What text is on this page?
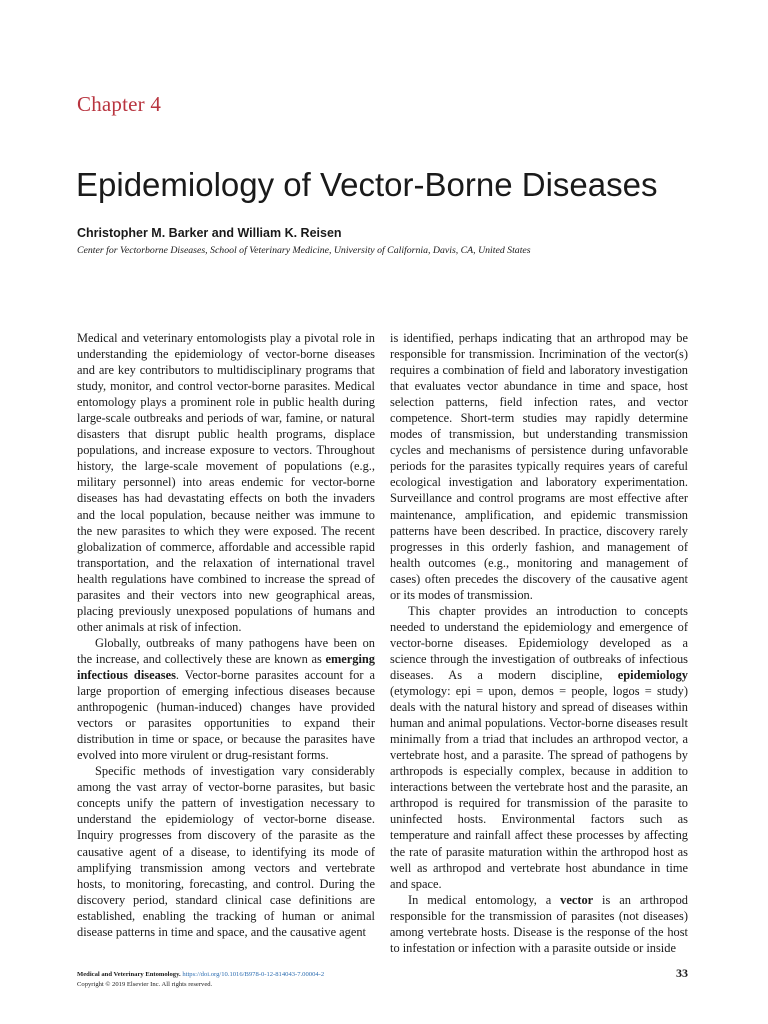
Chapter 4
Epidemiology of Vector-Borne Diseases
Christopher M. Barker and William K. Reisen
Center for Vectorborne Diseases, School of Veterinary Medicine, University of California, Davis, CA, United States

Medical and veterinary entomologists play a pivotal role in understanding the epidemiology of vector-borne diseases and are key contributors to multidisciplinary programs that study, monitor, and control vector-borne parasites. Medical entomology plays a prominent role in public health during large-scale outbreaks and periods of war, famine, or natural disasters that disrupt public health programs, displace populations, and increase exposure to vectors. Throughout history, the large-scale movement of populations (e.g., military personnel) into areas endemic for vector-borne diseases has had devastating effects on both the invaders and the local population, because neither was immune to the new parasites to which they were exposed. The recent globalization of commerce, affordable and accessible rapid transportation, and the relaxation of international travel health regulations have combined to increase the spread of parasites and their vectors into new geographical areas, placing previously unexposed populations of humans and other animals at risk of infection.

Globally, outbreaks of many pathogens have been on the increase, and collectively these are known as emerging infectious diseases. Vector-borne parasites account for a large proportion of emerging infectious diseases because anthropogenic (human-induced) changes have provided vectors or parasites opportunities to expand their distribution in time or space, or because the parasites have evolved into more virulent or drug-resistant forms.

Specific methods of investigation vary considerably among the vast array of vector-borne parasites, but basic concepts unify the pattern of investigation necessary to understand the epidemiology of vector-borne disease. Inquiry progresses from discovery of the parasite as the causative agent of a disease, to identifying its mode of amplifying transmission among vectors and vertebrate hosts, to monitoring, forecasting, and control. During the discovery period, standard clinical case definitions are established, enabling the tracking of human or animal disease patterns in time and space, and the causative agent

is identified, perhaps indicating that an arthropod may be responsible for transmission. Incrimination of the vector(s) requires a combination of field and laboratory investigation that evaluates vector abundance in time and space, host selection patterns, field infection rates, and vector competence. Short-term studies may rapidly determine modes of transmission, but understanding transmission cycles and mechanisms of persistence during unfavorable periods for the parasites typically requires years of careful ecological investigation and laboratory experimentation. Surveillance and control programs are most effective after maintenance, amplification, and epidemic transmission patterns have been described. In practice, discovery rarely progresses in this orderly fashion, and management of health outcomes (e.g., monitoring and management of cases) often precedes the discovery of the causative agent or its modes of transmission.

This chapter provides an introduction to concepts needed to understand the epidemiology and emergence of vector-borne diseases. Epidemiology developed as a science through the investigation of outbreaks of infectious diseases. As a modern discipline, epidemiology (etymology: epi = upon, demos = people, logos = study) deals with the natural history and spread of diseases within human and animal populations. Vector-borne diseases result minimally from a triad that includes an arthropod vector, a vertebrate host, and a parasite. The spread of pathogens by arthropods is especially complex, because in addition to interactions between the vertebrate host and the parasite, an arthropod is required for transmission of the parasite to uninfected hosts. Environmental factors such as temperature and rainfall affect these processes by affecting the rate of parasite maturation within the arthropod host as well as arthropod and vertebrate host abundance in time and space.

In medical entomology, a vector is an arthropod responsible for the transmission of parasites (not diseases) among vertebrate hosts. Disease is the response of the host to infestation or infection with a parasite outside or inside

Medical and Veterinary Entomology. https://doi.org/10.1016/B978-0-12-814043-7.00004-2
Copyright © 2019 Elsevier Inc. All rights reserved.
33
